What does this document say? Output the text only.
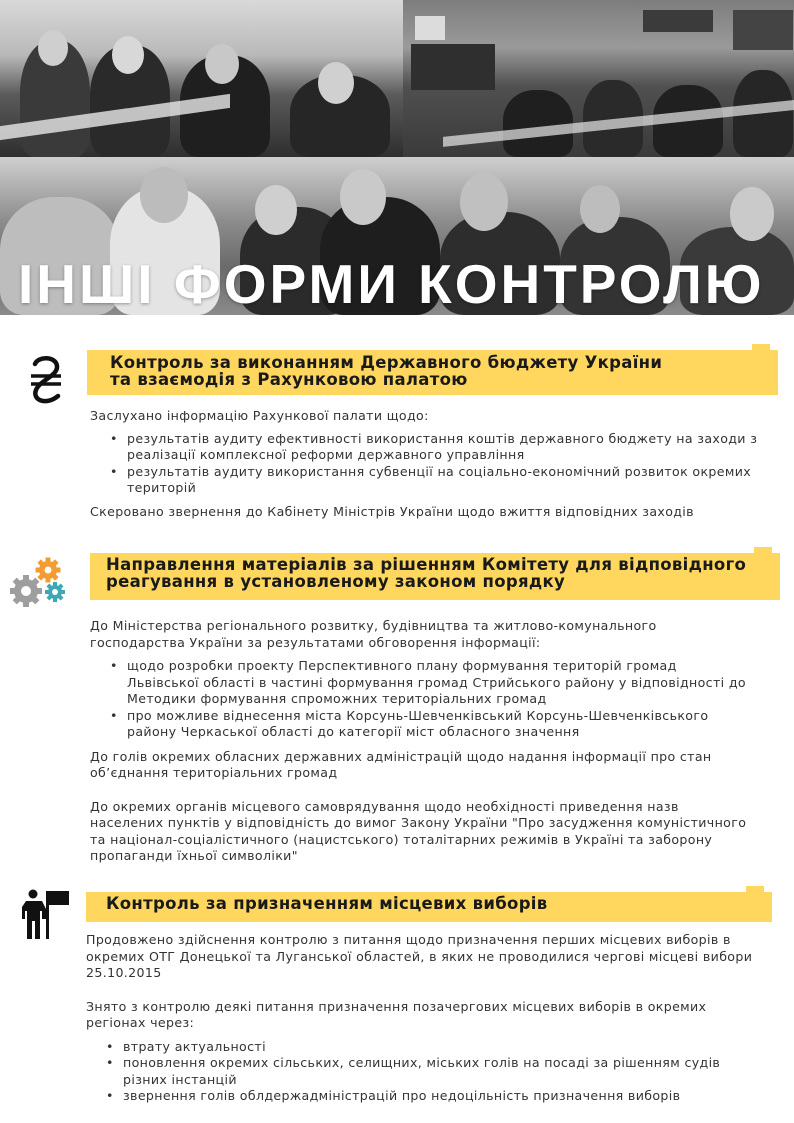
ІНШІ ФОРМИ КОНТРОЛЮ
Контроль за виконанням Державного бюджету України
та взаємодія з Рахунковою палатою

Заслухано інформацію Рахункової палати щодо:

• результатів аудиту ефективності використання коштів державного бюджету на заходи з реалізації комплексної реформи державного управління
• результатів аудиту використання субвенції на соціально-економічний розвиток окремих територій

Скеровано звернення до Кабінету Міністрів України щодо вжиття відповідних заходів

Направлення матеріалів за рішенням Комітету для відповідного
реагування в установленому законом порядку

До Міністерства регіонального розвитку, будівництва та житлово-комунального господарства України за результатами обговорення інформації:

• щодо розробки проекту Перспективного плану формування територій громад Львівської області в частині формування громад Стрийського району у відповідності до Методики формування спроможних територіальних громад
• про можливе віднесення міста Корсунь-Шевченківський Корсунь-Шевченківського району Черкаської області до категорії міст обласного значення

До голів окремих обласних державних адміністрацій щодо надання інформації про стан об’єднання територіальних громад

До окремих органів місцевого самоврядування щодо необхідності приведення назв населених пунктів у відповідність до вимог Закону України "Про засудження комуністичного та націонал-соціалістичного (нацистського) тоталітарних режимів в Україні та заборону пропаганди їхньої символіки"

Контроль за призначенням місцевих виборів

Продовжено здійснення контролю з питання щодо призначення перших місцевих виборів в окремих ОТГ Донецької та Луганської областей, в яких не проводилися чергові місцеві вибори 25.10.2015

Знято з контролю деякі питання призначення позачергових місцевих виборів в окремих регіонах через:

• втрату актуальності
• поновлення окремих сільських, селищних, міських голів на посаді за рішенням судів різних інстанцій
• звернення голів облдержадміністрацій про недоцільність призначення виборів
